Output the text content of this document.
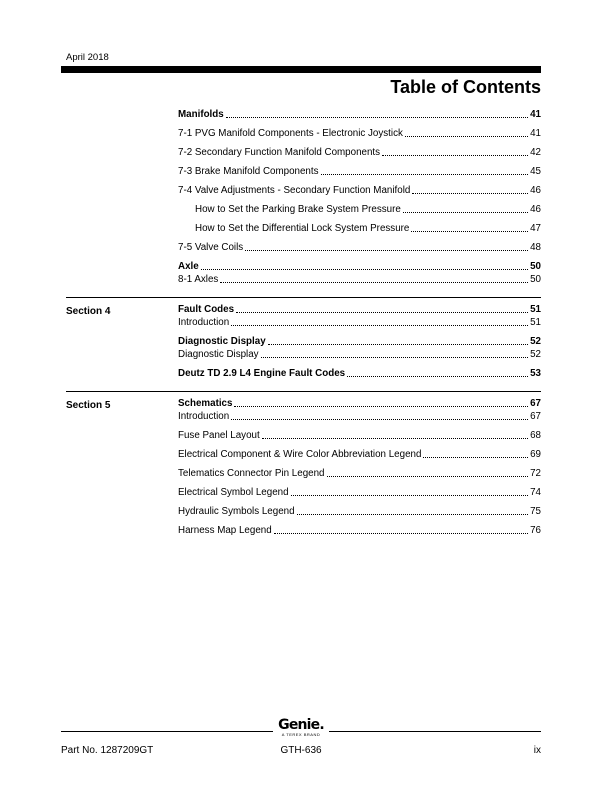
April 2018
Table of Contents
Manifolds	41
7-1 PVG Manifold Components - Electronic Joystick	41
7-2 Secondary Function Manifold Components	42
7-3 Brake Manifold Components	45
7-4 Valve Adjustments - Secondary Function Manifold	46
How to Set the Parking Brake System Pressure	46
How to Set the Differential Lock System Pressure	47
7-5 Valve Coils	48
Axle	50
8-1 Axles	50
Section 4	Fault Codes	51
Introduction	51
Diagnostic Display	52
Diagnostic Display	52
Deutz TD 2.9 L4 Engine Fault Codes	53
Section 5	Schematics	67
Introduction	67
Fuse Panel Layout	68
Electrical Component & Wire Color Abbreviation Legend	69
Telematics Connector Pin Legend	72
Electrical Symbol Legend	74
Hydraulic Symbols Legend	75
Harness Map Legend	76
Genie.
A TEREX BRAND
Part No. 1287209GT	GTH-636	ix
